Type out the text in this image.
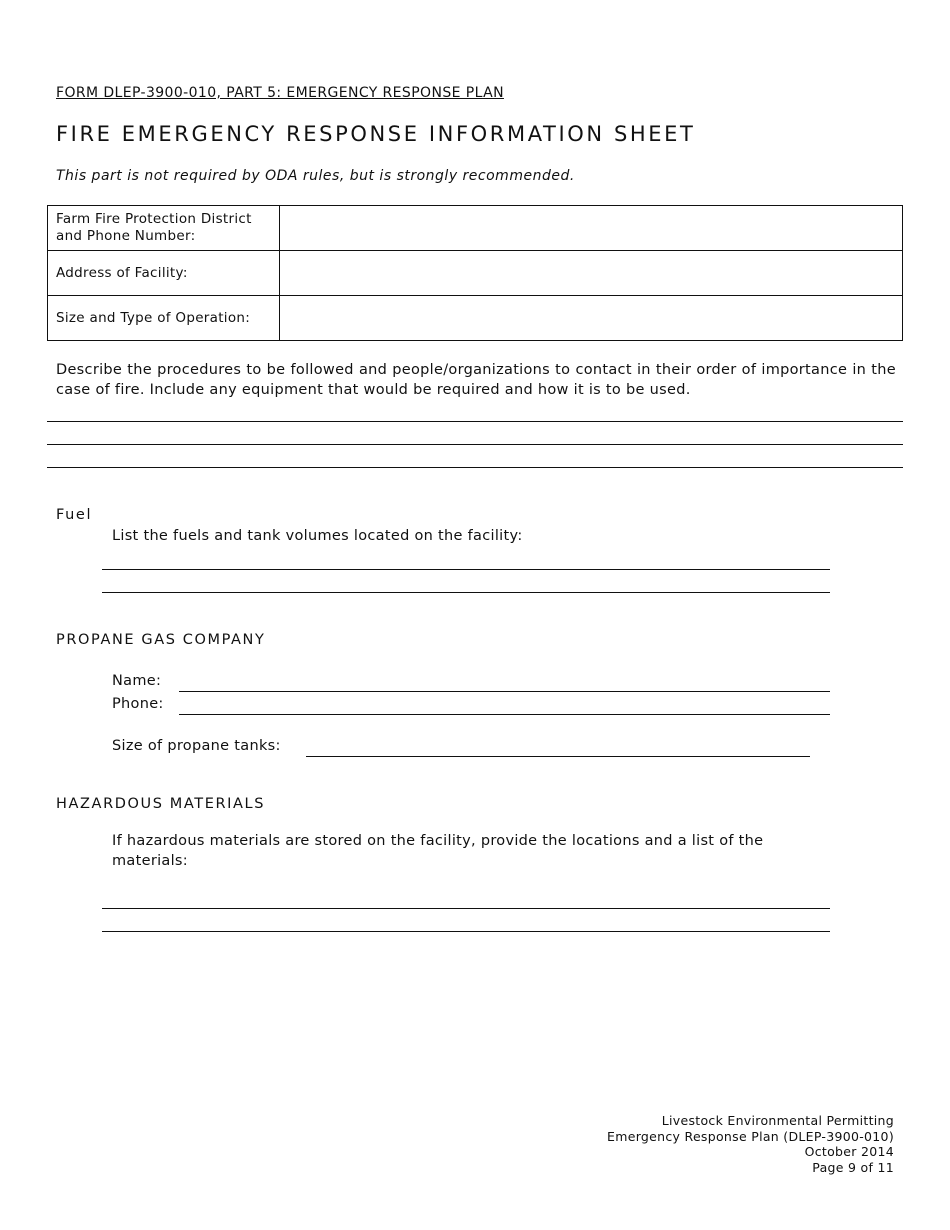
FORM DLEP-3900-010, PART 5: EMERGENCY RESPONSE PLAN
FIRE EMERGENCY RESPONSE INFORMATION SHEET
This part is not required by ODA rules, but is strongly recommended.
Farm Fire Protection District and Phone Number:	
Address of Facility:	
Size and Type of Operation:	
Describe the procedures to be followed and people/organizations to contact in their order of importance in the case of fire. Include any equipment that would be required and how it is to be used.
Fuel
List the fuels and tank volumes located on the facility:
PROPANE GAS COMPANY
Name:
Phone:
Size of propane tanks:
HAZARDOUS MATERIALS
If hazardous materials are stored on the facility, provide the locations and a list of the materials:
Livestock Environmental Permitting
Emergency Response Plan (DLEP-3900-010)
October 2014
Page 9 of 11
